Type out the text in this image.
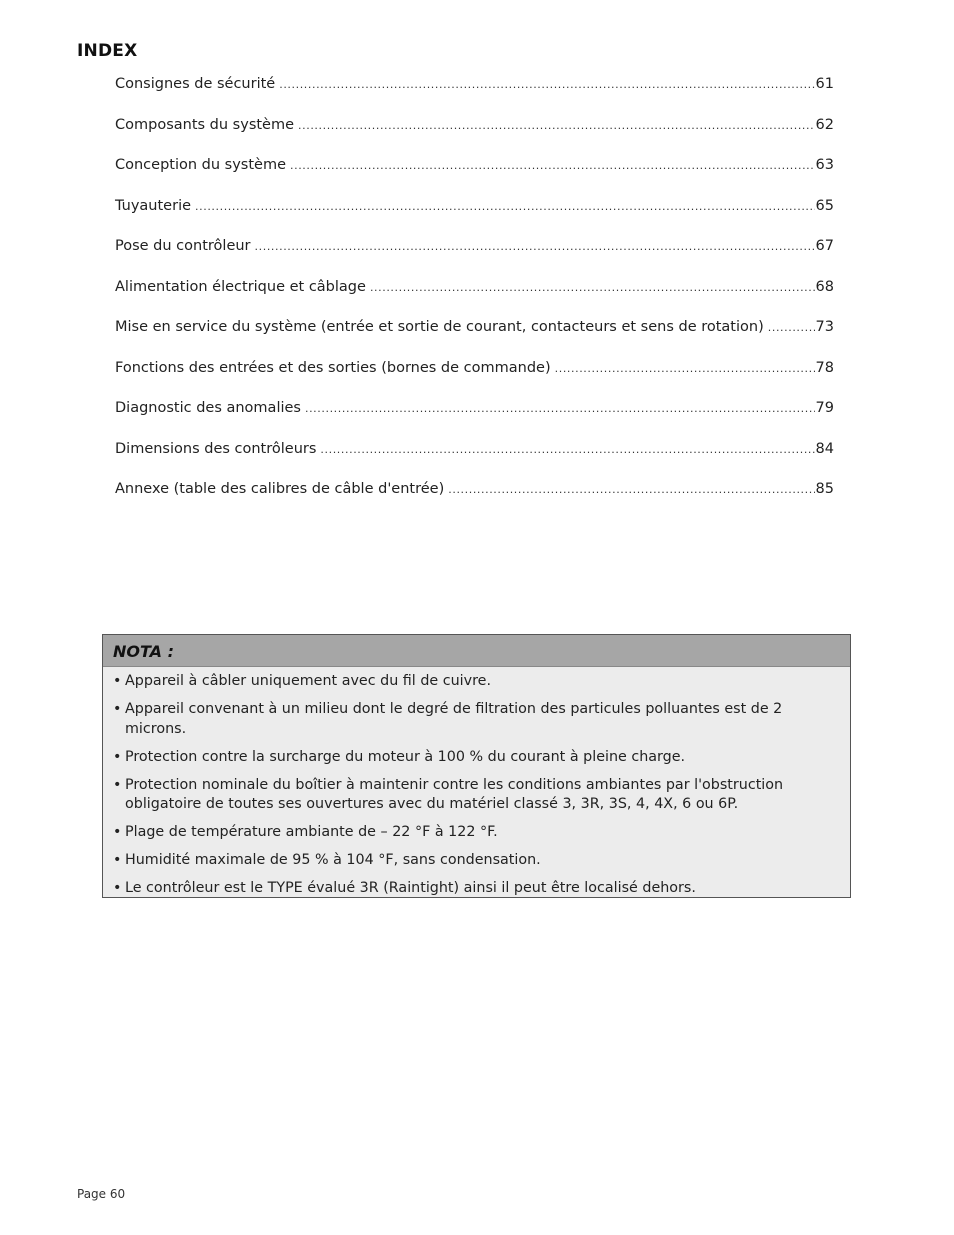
INDEX
Consignes de sécurité .....	61
Composants du système .....	62
Conception du système .....	63
Tuyauterie .....	65
Pose du contrôleur .....	67
Alimentation électrique et câblage .....	68
Mise en service du système (entrée et sortie de courant, contacteurs et sens de rotation) .....	73
Fonctions des entrées et des sorties (bornes de commande) .....	78
Diagnostic des anomalies .....	79
Dimensions des contrôleurs .....	84
Annexe (table des calibres de câble d'entrée) .....	85
NOTA :
• Appareil à câbler uniquement avec du fil de cuivre.
• Appareil convenant à un milieu dont le degré de filtration des particules polluantes est de 2 microns.
• Protection contre la surcharge du moteur à 100 % du courant à pleine charge.
• Protection nominale du boîtier à maintenir contre les conditions ambiantes par l'obstruction obligatoire de toutes ses ouvertures avec du matériel classé 3, 3R, 3S, 4, 4X, 6 ou 6P.
• Plage de température ambiante de – 22 °F à 122 °F.
• Humidité maximale de 95 % à 104 °F, sans condensation.
• Le contrôleur est le TYPE évalué 3R (Raintight) ainsi il peut être localisé dehors.
Page 60
